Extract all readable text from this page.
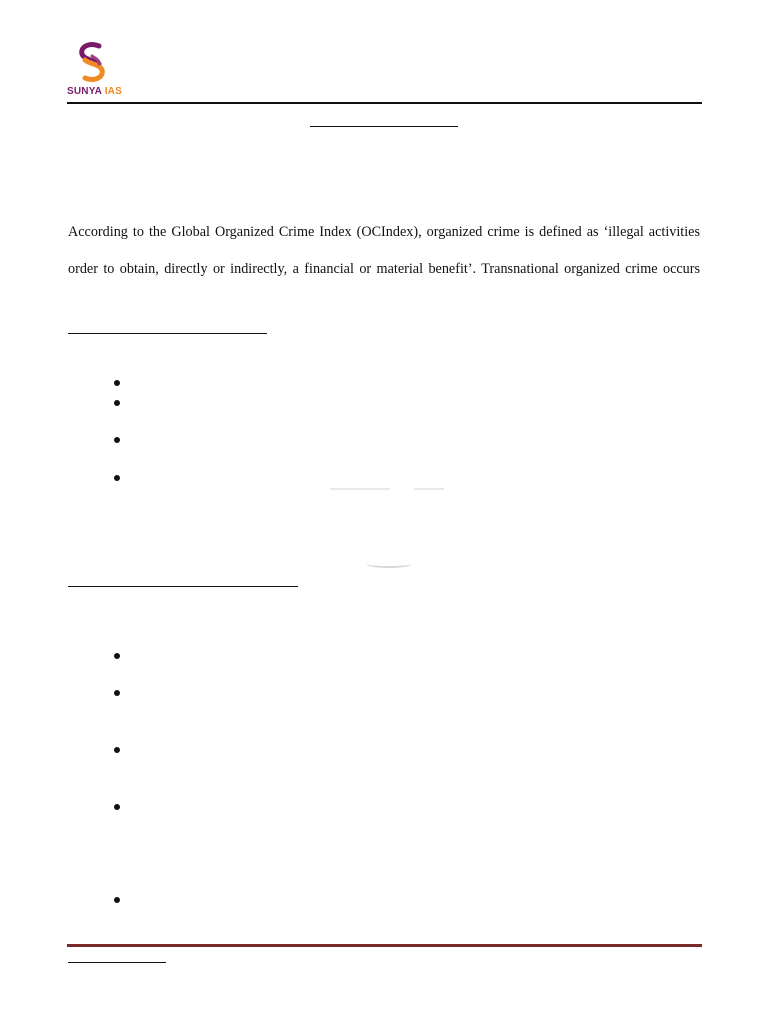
SUNYA IAS
According to the Global Organized Crime Index (OCIndex), organized crime is defined as ‘illegal activities
order to obtain, directly or indirectly, a financial or material benefit’. Transnational organized crime occurs
